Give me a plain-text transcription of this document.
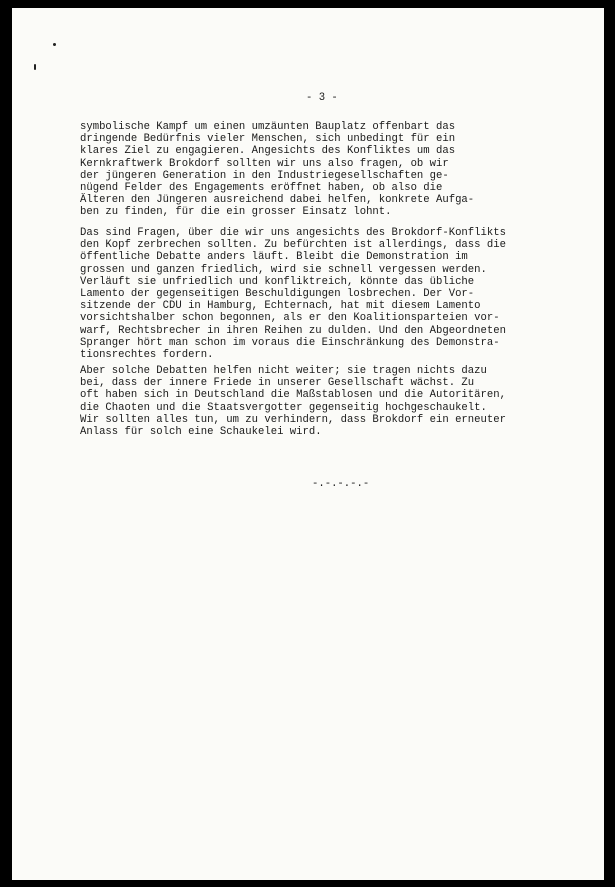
- 3 -
symbolische Kampf um einen umzäunten Bauplatz offenbart das
dringende Bedürfnis vieler Menschen, sich unbedingt für ein
klares Ziel zu engagieren. Angesichts des Konfliktes um das
Kernkraftwerk Brokdorf sollten wir uns also fragen, ob wir
der jüngeren Generation in den Industriegesellschaften ge-
nügend Felder des Engagements eröffnet haben, ob also die
Älteren den Jüngeren ausreichend dabei helfen, konkrete Aufga-
ben zu finden, für die ein grosser Einsatz lohnt.
Das sind Fragen, über die wir uns angesichts des Brokdorf-Konflikts
den Kopf zerbrechen sollten. Zu befürchten ist allerdings, dass die
öffentliche Debatte anders läuft. Bleibt die Demonstration im
grossen und ganzen friedlich, wird sie schnell vergessen werden.
Verläuft sie unfriedlich und konfliktreich, könnte das übliche
Lamento der gegenseitigen Beschuldigungen losbrechen. Der Vor-
sitzende der CDU in Hamburg, Echternach, hat mit diesem Lamento
vorsichtshalber schon begonnen, als er den Koalitionsparteien vor-
warf, Rechtsbrecher in ihren Reihen zu dulden. Und den Abgeordneten
Spranger hört man schon im voraus die Einschränkung des Demonstra-
tionsrechtes fordern.
Aber solche Debatten helfen nicht weiter; sie tragen nichts dazu
bei, dass der innere Friede in unserer Gesellschaft wächst. Zu
oft haben sich in Deutschland die Maßstablosen und die Autoritären,
die Chaoten und die Staatsvergotter gegenseitig hochgeschaukelt.
Wir sollten alles tun, um zu verhindern, dass Brokdorf ein erneuter
Anlass für solch eine Schaukelei wird.
-.-.-.-.-
